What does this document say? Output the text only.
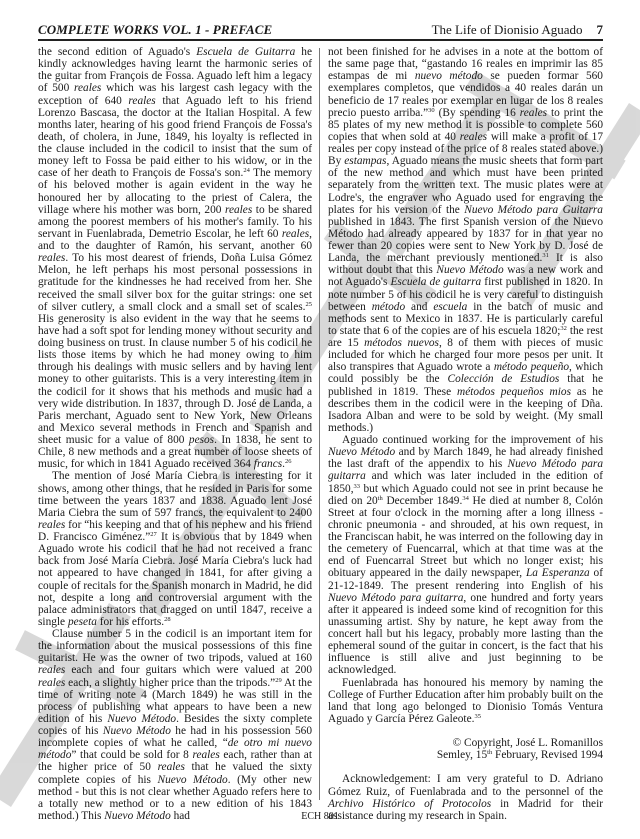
COMPLETE WORKS VOL. 1 - PREFACE	The Life of Dionisio Aguado 7

the second edition of Aguado's Escuela de Guitarra he kindly acknowledges having learnt the harmonic series of the guitar from François de Fossa. Aguado left him a legacy of 500 reales which was his largest cash legacy with the exception of 640 reales that Aguado left to his friend Lorenzo Bascasa, the doctor at the Italian Hospital. A few months later, hearing of his good friend François de Fossa's death, of cholera, in June, 1849, his loyalty is reflected in the clause included in the codicil to insist that the sum of money left to Fossa be paid either to his widow, or in the case of her death to François de Fossa's son.$^{24}$ The memory of his beloved mother is again evident in the way he honoured her by allocating to the priest of Calera, the village where his mother was born, 200 reales to be shared among the poorest members of his mother's family. To his servant in Fuenlabrada, Demetrio Escolar, he left 60 reales, and to the daughter of Ramón, his servant, another 60 reales. To his most dearest of friends, Doña Luisa Gómez Melon, he left perhaps his most personal possessions in gratitude for the kindnesses he had received from her. She received the small silver box for the guitar strings: one set of silver cutlery, a small clock and a small set of scales.$^{25}$ His generosity is also evident in the way that he seems to have had a soft spot for lending money without security and doing business on trust. In clause number 5 of his codicil he lists those items by which he had money owing to him through his dealings with music sellers and by having lent money to other guitarists. This is a very interesting item in the codicil for it shows that his methods and music had a very wide distribution. In 1837, through D. José de Landa, a Paris merchant, Aguado sent to New York, New Orleans and Mexico several methods in French and Spanish and sheet music for a value of 800 pesos. In 1838, he sent to Chile, 8 new methods and a great number of loose sheets of music, for which in 1841 Aguado received 364 francs.$^{26}$

The mention of José María Ciebra is interesting for it shows, among other things, that he resided in Paris for some time between the years 1837 and 1838. Aguado lent José Maria Ciebra the sum of 597 francs, the equivalent to 2400 reales for “his keeping and that of his nephew and his friend D. Francisco Giménez.”$^{27}$ It is obvious that by 1849 when Aguado wrote his codicil that he had not received a franc back from José María Ciebra. José María Ciebra's luck had not appeared to have changed in 1841, for after giving a couple of recitals for the Spanish monarch in Madrid, he did not, despite a long and controversial argument with the palace administrators that dragged on until 1847, receive a single peseta for his efforts.$^{28}$

Clause number 5 in the codicil is an important item for the information about the musical possessions of this fine guitarist. He was the owner of two tripods, valued at 160 reales each and four guitars which were valued at 200 reales each, a slightly higher price than the tripods.”$^{29}$ At the time of writing note 4 (March 1849) he was still in the process of publishing what appears to have been a new edition of his Nuevo Método. Besides the sixty complete copies of his Nuevo Método he had in his possession 560 incomplete copies of what he called, “de otro mi nuevo método” that could be sold for 8 reales each, rather than at the higher price of 50 reales that he valued the sixty complete copies of his Nuevo Método. (My other new method - but this is not clear whether Aguado refers here to a totally new method or to a new edition of his 1843 method.) This Nuevo Método had

not been finished for he advises in a note at the bottom of the same page that, “gastando 16 reales en imprimir las 85 estampas de mi nuevo método se pueden formar 560 exemplares completos, que vendidos a 40 reales darán un beneficio de 17 reales por exemplar en lugar de los 8 reales precio puesto arriba.”$^{30}$ (By spending 16 reales to print the 85 plates of my new method it is possible to complete 560 copies that when sold at 40 reales will make a profit of 17 reales per copy instead of the price of 8 reales stated above.) By estampas, Aguado means the music sheets that form part of the new method and which must have been printed separately from the written text. The music plates were at Lodre's, the engraver who Aguado used for engraving the plates for his version of the Nuevo Método para Guitarra published in 1843. The first Spanish version of the Nuevo Método had already appeared by 1837 for in that year no fewer than 20 copies were sent to New York by D. José de Landa, the merchant previously mentioned.$^{31}$ It is also without doubt that this Nuevo Método was a new work and not Aguado's Escuela de guitarra first published in 1820. In note number 5 of his codicil he is very careful to distinguish between método and escuela in the batch of music and methods sent to Mexico in 1837. He is particularly careful to state that 6 of the copies are of his escuela 1820;$^{32}$ the rest are 15 métodos nuevos, 8 of them with pieces of music included for which he charged four more pesos per unit. It also transpires that Aguado wrote a método pequeño, which could possibly be the Colección de Estudios that he published in 1819. These métodos pequeños mios as he describes them in the codicil were in the keeping of Dña. Isadora Alban and were to be sold by weight. (My small methods.)

Aguado continued working for the improvement of his Nuevo Método and by March 1849, he had already finished the last draft of the appendix to his Nuevo Método para guitarra and which was later included in the edition of 1850,33 but which Aguado could not see in print because he died on 20th December 1849.34 He died at number 8, Colón Street at four o'clock in the morning after a long illness - chronic pneumonia - and shrouded, at his own request, in the Franciscan habit, he was interred on the following day in the cemetery of Fuencarral, which at that time was at the end of Fuencarral Street but which no longer exist; his obituary appeared in the daily newspaper, La Esperanza of 21-12-1849. The present rendering into English of his Nuevo Método para guitarra, one hundred and forty years after it appeared is indeed some kind of recognition for this unassuming artist. Shy by nature, he kept away from the concert hall but his legacy, probably more lasting than the ephemeral sound of the guitar in concert, is the fact that his influence is still alive and just beginning to be acknowledged.

Fuenlabrada has honoured his memory by naming the College of Further Education after him probably built on the land that long ago belonged to Dionisio Tomás Ventura Aguado y García Pérez Galeote.$^{35}$

© Copyright, José L. Romanillos

Semley, 15th February, Revised 1994

Acknowledgement: I am very grateful to D. Adriano Gómez Ruiz, of Fuenlabrada and to the personnel of the Archivo Histórico of Protocolos in Madrid for their assistance during my research in Spain.

ECH 801
